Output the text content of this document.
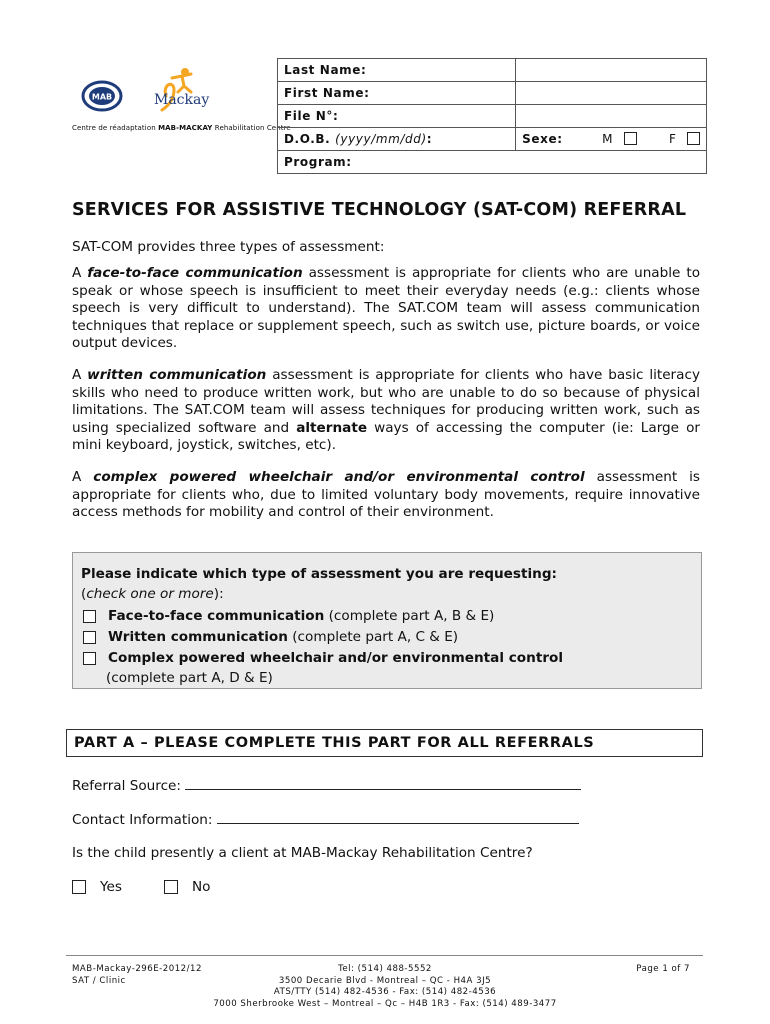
MAB	Mackay
Centre de réadaptation MAB-MACKAY Rehabilitation Centre
Last Name:		
First Name:		
File N°:		
D.O.B. (yyyy/mm/dd):	Sexe:	M F
Program:		
SERVICES FOR ASSISTIVE TECHNOLOGY (SAT-COM) REFERRAL
SAT-COM provides three types of assessment:
A face-to-face communication assessment is appropriate for clients who are unable to speak or whose speech is insufficient to meet their everyday needs (e.g.: clients whose speech is very difficult to understand). The SAT.COM team will assess communication techniques that replace or supplement speech, such as switch use, picture boards, or voice output devices.
A written communication assessment is appropriate for clients who have basic literacy skills who need to produce written work, but who are unable to do so because of physical limitations. The SAT.COM team will assess techniques for producing written work, such as using specialized software and alternate ways of accessing the computer (ie: Large or mini keyboard, joystick, switches, etc).
A complex powered wheelchair and/or environmental control assessment is appropriate for clients who, due to limited voluntary body movements, require innovative access methods for mobility and control of their environment.
Please indicate which type of assessment you are requesting:
(check one or more):
Face-to-face communication (complete part A, B & E)
Written communication (complete part A, C & E)
Complex powered wheelchair and/or environmental control
(complete part A, D & E)
PART A – PLEASE COMPLETE THIS PART FOR ALL REFERRALS
Referral Source:
Contact Information:
Is the child presently a client at MAB-Mackay Rehabilitation Centre?
Yes	No
MAB-Mackay-296E-2012/12
SAT / Clinic
Tel: (514) 488-5552
3500 Decarie Blvd - Montreal – QC - H4A 3J5
ATS/TTY (514) 482-4536 - Fax: (514) 482-4536
7000 Sherbrooke West – Montreal – Qc – H4B 1R3 - Fax: (514) 489-3477
Page 1 of 7
